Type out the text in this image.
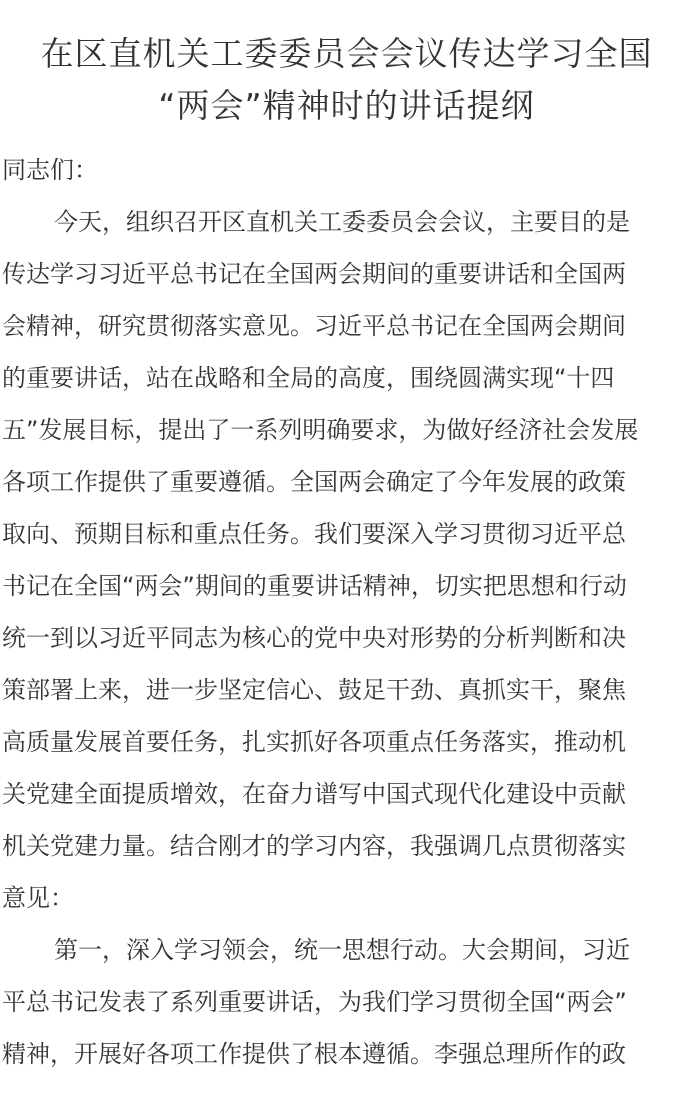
在区直机关工委委员会会议传达学习全国
“两会”精神时的讲话提纲

同志们：

今天，组织召开区直机关工委委员会会议，主要目的是
传达学习习近平总书记在全国两会期间的重要讲话和全国两
会精神，研究贯彻落实意见。习近平总书记在全国两会期间
的重要讲话，站在战略和全局的高度，围绕圆满实现“十四
五”发展目标，提出了一系列明确要求，为做好经济社会发展
各项工作提供了重要遵循。全国两会确定了今年发展的政策
取向、预期目标和重点任务。我们要深入学习贯彻习近平总
书记在全国“两会”期间的重要讲话精神，切实把思想和行动
统一到以习近平同志为核心的党中央对形势的分析判断和决
策部署上来，进一步坚定信心、鼓足干劲、真抓实干，聚焦
高质量发展首要任务，扎实抓好各项重点任务落实，推动机
关党建全面提质增效，在奋力谱写中国式现代化建设中贡献
机关党建力量。结合刚才的学习内容，我强调几点贯彻落实
意见：

第一，深入学习领会，统一思想行动。大会期间，习近
平总书记发表了系列重要讲话，为我们学习贯彻全国“两会”
精神，开展好各项工作提供了根本遵循。李强总理所作的政
